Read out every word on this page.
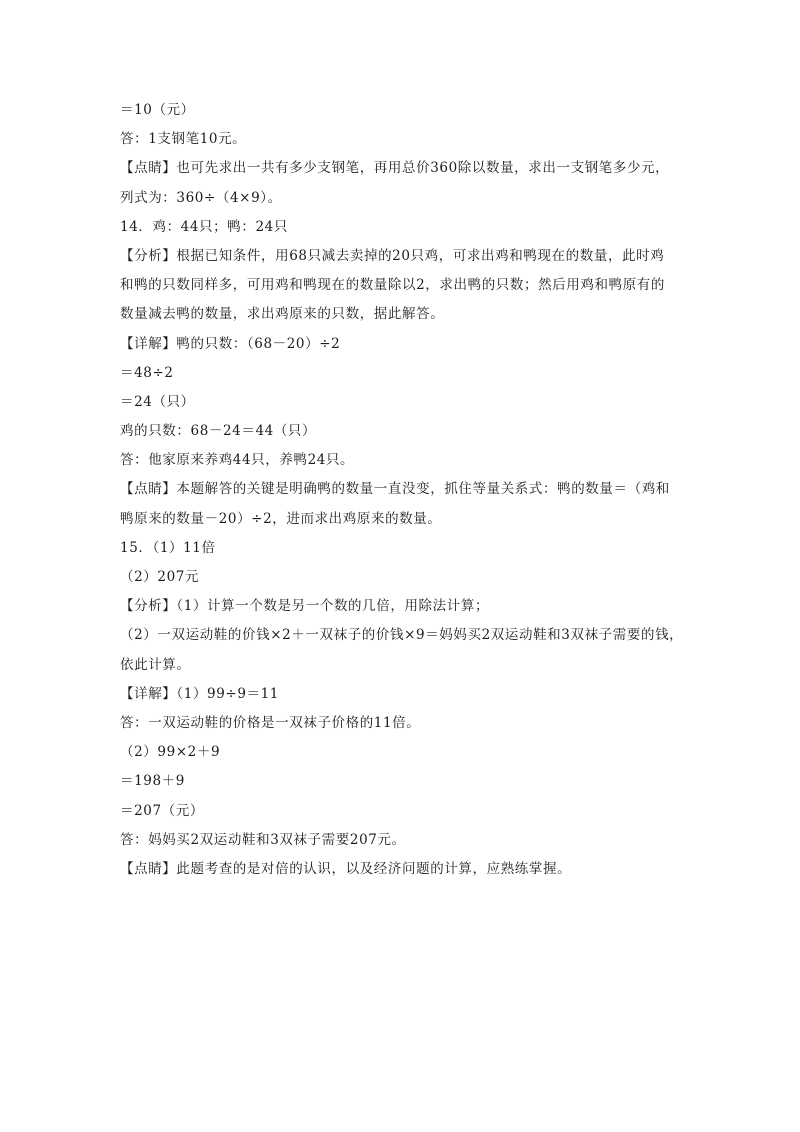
＝10（元）
答：1支钢笔10元。
【点睛】也可先求出一共有多少支钢笔，再用总价360除以数量，求出一支钢笔多少元，
列式为：360÷（4×9）。
14．鸡：44只；鸭：24只
【分析】根据已知条件，用68只减去卖掉的20只鸡，可求出鸡和鸭现在的数量，此时鸡
和鸭的只数同样多，可用鸡和鸭现在的数量除以2，求出鸭的只数；然后用鸡和鸭原有的
数量减去鸭的数量，求出鸡原来的只数，据此解答。
【详解】鸭的只数：（68－20）÷2
＝48÷2
＝24（只）
鸡的只数：68－24＝44（只）
答：他家原来养鸡44只，养鸭24只。
【点睛】本题解答的关键是明确鸭的数量一直没变，抓住等量关系式：鸭的数量＝（鸡和
鸭原来的数量－20）÷2，进而求出鸡原来的数量。
15．（1）11倍
（2）207元
【分析】（1）计算一个数是另一个数的几倍，用除法计算；
（2）一双运动鞋的价钱×2＋一双袜子的价钱×9＝妈妈买2双运动鞋和3双袜子需要的钱，
依此计算。
【详解】（1）99÷9＝11
答：一双运动鞋的价格是一双袜子价格的11倍。
（2）99×2＋9
＝198＋9
＝207（元）
答：妈妈买2双运动鞋和3双袜子需要207元。
【点睛】此题考查的是对倍的认识，以及经济问题的计算，应熟练掌握。
